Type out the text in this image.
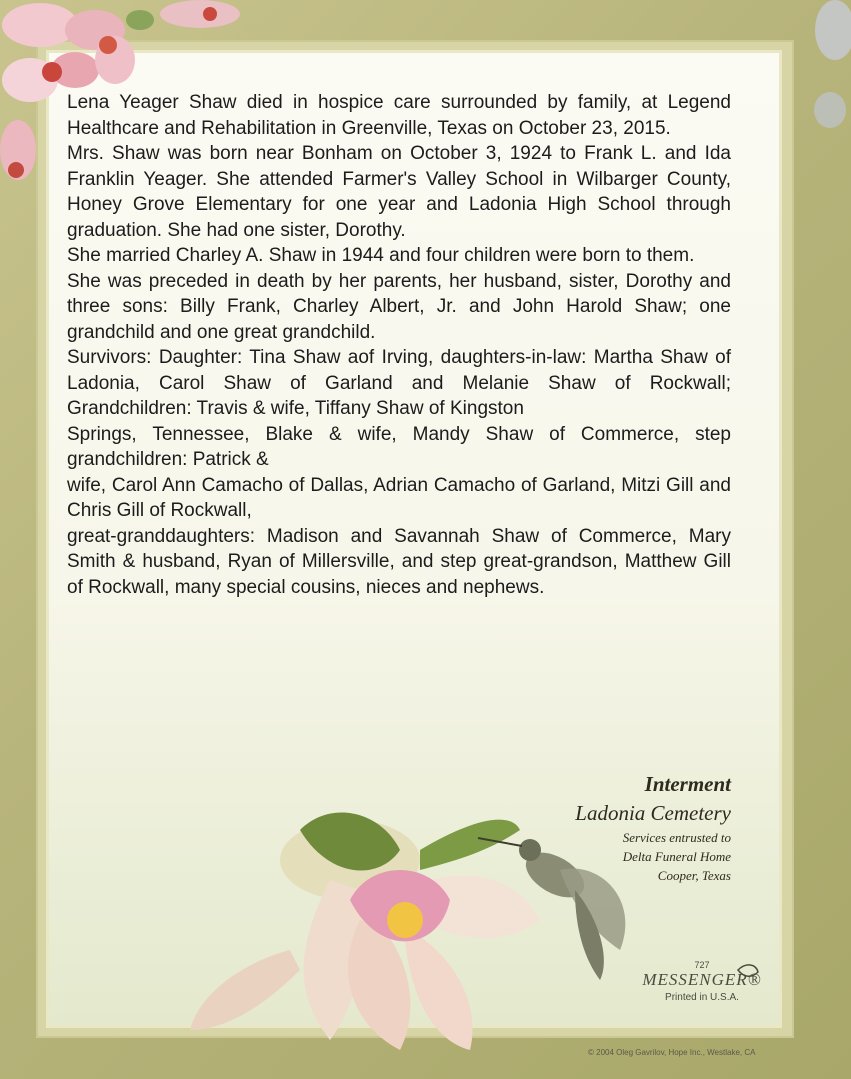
Lena Yeager Shaw died in hospice care surrounded by family, at Legend Healthcare and Rehabilitation in Greenville, Texas on October 23, 2015.

Mrs. Shaw was born near Bonham on October 3, 1924 to Frank L. and Ida Franklin Yeager. She attended Farmer's Valley School in Wilbarger County, Honey Grove Elementary for one year and Ladonia High School through graduation. She had one sister, Dorothy.

She married Charley A. Shaw in 1944 and four children were born to them.

She was preceded in death by her parents, her husband, sister, Dorothy and three sons: Billy Frank, Charley Albert, Jr. and John Harold Shaw; one grandchild and one great grandchild.

Survivors: Daughter: Tina Shaw aof Irving, daughters-in-law: Martha Shaw of Ladonia, Carol Shaw of Garland and Melanie Shaw of Rockwall; Grandchildren: Travis & wife, Tiffany Shaw of Kingston

Springs, Tennessee, Blake & wife, Mandy Shaw of Commerce, step grandchildren: Patrick &

wife, Carol Ann Camacho of Dallas, Adrian Camacho of Garland, Mitzi Gill and Chris Gill of Rockwall,

great-granddaughters: Madison and Savannah Shaw of Commerce, Mary Smith & husband, Ryan of Millersville, and step great-grandson, Matthew Gill of Rockwall, many special cousins, nieces and nephews.

Interment
Ladonia Cemetery
Services entrusted to
Delta Funeral Home
Cooper, Texas
727
MESSENGER®
Printed in U.S.A.
© 2004 Oleg Gavrilov, Hope Inc., Westlake, CA
